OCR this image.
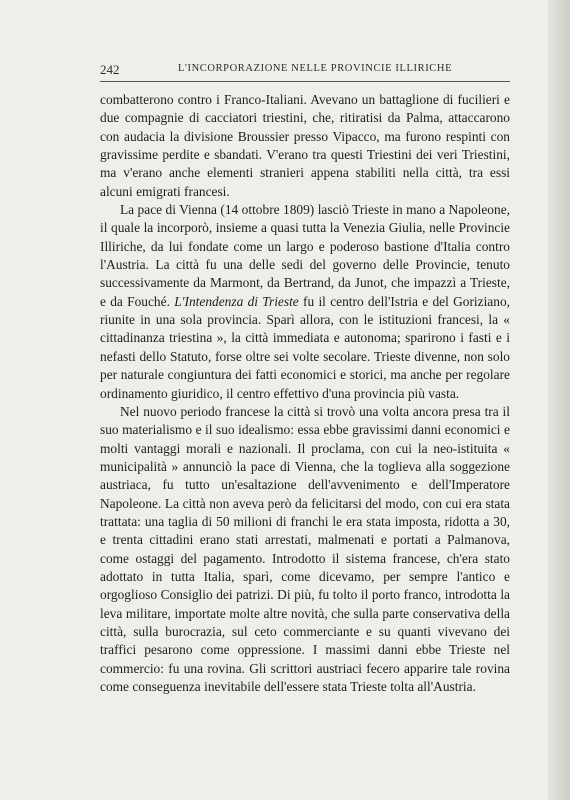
242	L'INCORPORAZIONE NELLE PROVINCIE ILLIRICHE

combatterono contro i Franco-Italiani. Avevano un battaglione di fucilieri e due compagnie di cacciatori triestini, che, ritiratisi da Palma, attaccarono con audacia la divisione Broussier presso Vipacco, ma furono respinti con gravissime perdite e sbandati. V'erano tra questi Triestini dei veri Triestini, ma v'erano anche elementi stranieri appena stabiliti nella città, tra essi alcuni emigrati francesi.

La pace di Vienna (14 ottobre 1809) lasciò Trieste in mano a Napoleone, il quale la incorporò, insieme a quasi tutta la Venezia Giulia, nelle Provincie Illiriche, da lui fondate come un largo e poderoso bastione d'Italia contro l'Austria. La città fu una delle sedi del governo delle Provincie, tenuto successivamente da Marmont, da Bertrand, da Junot, che impazzì a Trieste, e da Fouché. L'Intendenza di Trieste fu il centro dell'Istria e del Goriziano, riunite in una sola provincia. Sparì allora, con le istituzioni francesi, la « cittadinanza triestina », la città immediata e autonoma; sparirono i fasti e i nefasti dello Statuto, forse oltre sei volte secolare. Trieste divenne, non solo per naturale congiuntura dei fatti economici e storici, ma anche per regolare ordinamento giuridico, il centro effettivo d'una provincia più vasta.

Nel nuovo periodo francese la città si trovò una volta ancora presa tra il suo materialismo e il suo idealismo: essa ebbe gravissimi danni economici e molti vantaggi morali e nazionali. Il proclama, con cui la neo-istituita « municipalità » annunciò la pace di Vienna, che la toglieva alla soggezione austriaca, fu tutto un'esaltazione dell'avvenimento e dell'Imperatore Napoleone. La città non aveva però da felicitarsi del modo, con cui era stata trattata: una taglia di 50 milioni di franchi le era stata imposta, ridotta a 30, e trenta cittadini erano stati arrestati, malmenati e portati a Palmanova, come ostaggi del pagamento. Introdotto il sistema francese, ch'era stato adottato in tutta Italia, sparì, come dicevamo, per sempre l'antico e orgoglioso Consiglio dei patrizi. Di più, fu tolto il porto franco, introdotta la leva militare, importate molte altre novità, che sulla parte conservativa della città, sulla burocrazia, sul ceto commerciante e su quanti vivevano dei traffici pesarono come oppressione. I massimi danni ebbe Trieste nel commercio: fu una rovina. Gli scrittori austriaci fecero apparire tale rovina come conseguenza inevitabile dell'essere stata Trieste tolta all'Austria.
